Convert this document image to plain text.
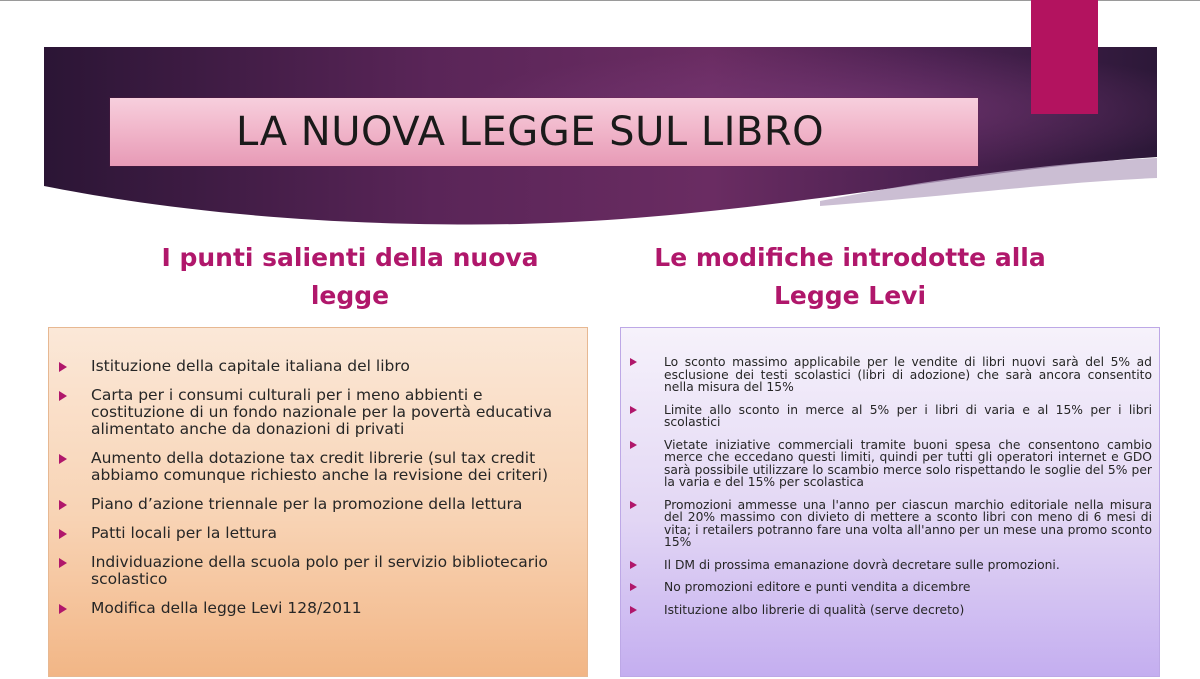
LA NUOVA LEGGE SUL LIBRO
I punti salienti della nuova legge
Le modifiche introdotte alla Legge Levi
Istituzione della capitale italiana del libro
Carta per i consumi culturali per i meno abbienti e costituzione di un fondo nazionale per la povertà educativa alimentato anche da donazioni di privati
Aumento della dotazione tax credit librerie (sul tax credit abbiamo comunque richiesto anche la revisione dei criteri)
Piano d’azione triennale per la promozione della lettura
Patti locali per la lettura
Individuazione della scuola polo per il servizio bibliotecario scolastico
Modifica della legge Levi 128/2011
Lo sconto massimo applicabile per le vendite di libri nuovi sarà del 5% ad esclusione dei testi scolastici (libri di adozione) che sarà ancora consentito nella misura del 15%
Limite allo sconto in merce al 5% per i libri di varia e al 15% per i libri scolastici
Vietate iniziative commerciali tramite buoni spesa che consentono cambio merce che eccedano questi limiti, quindi per tutti gli operatori internet e GDO sarà possibile utilizzare lo scambio merce solo rispettando le soglie del 5% per la varia e del 15% per scolastica
Promozioni ammesse una l'anno per ciascun marchio editoriale nella misura del 20% massimo con divieto di mettere a sconto libri con meno di 6 mesi di vita; i retailers potranno fare una volta all'anno per un mese una promo sconto 15%
Il DM di prossima emanazione dovrà decretare sulle promozioni.
No promozioni editore e punti vendita a dicembre
Istituzione albo librerie di qualità (serve decreto)
